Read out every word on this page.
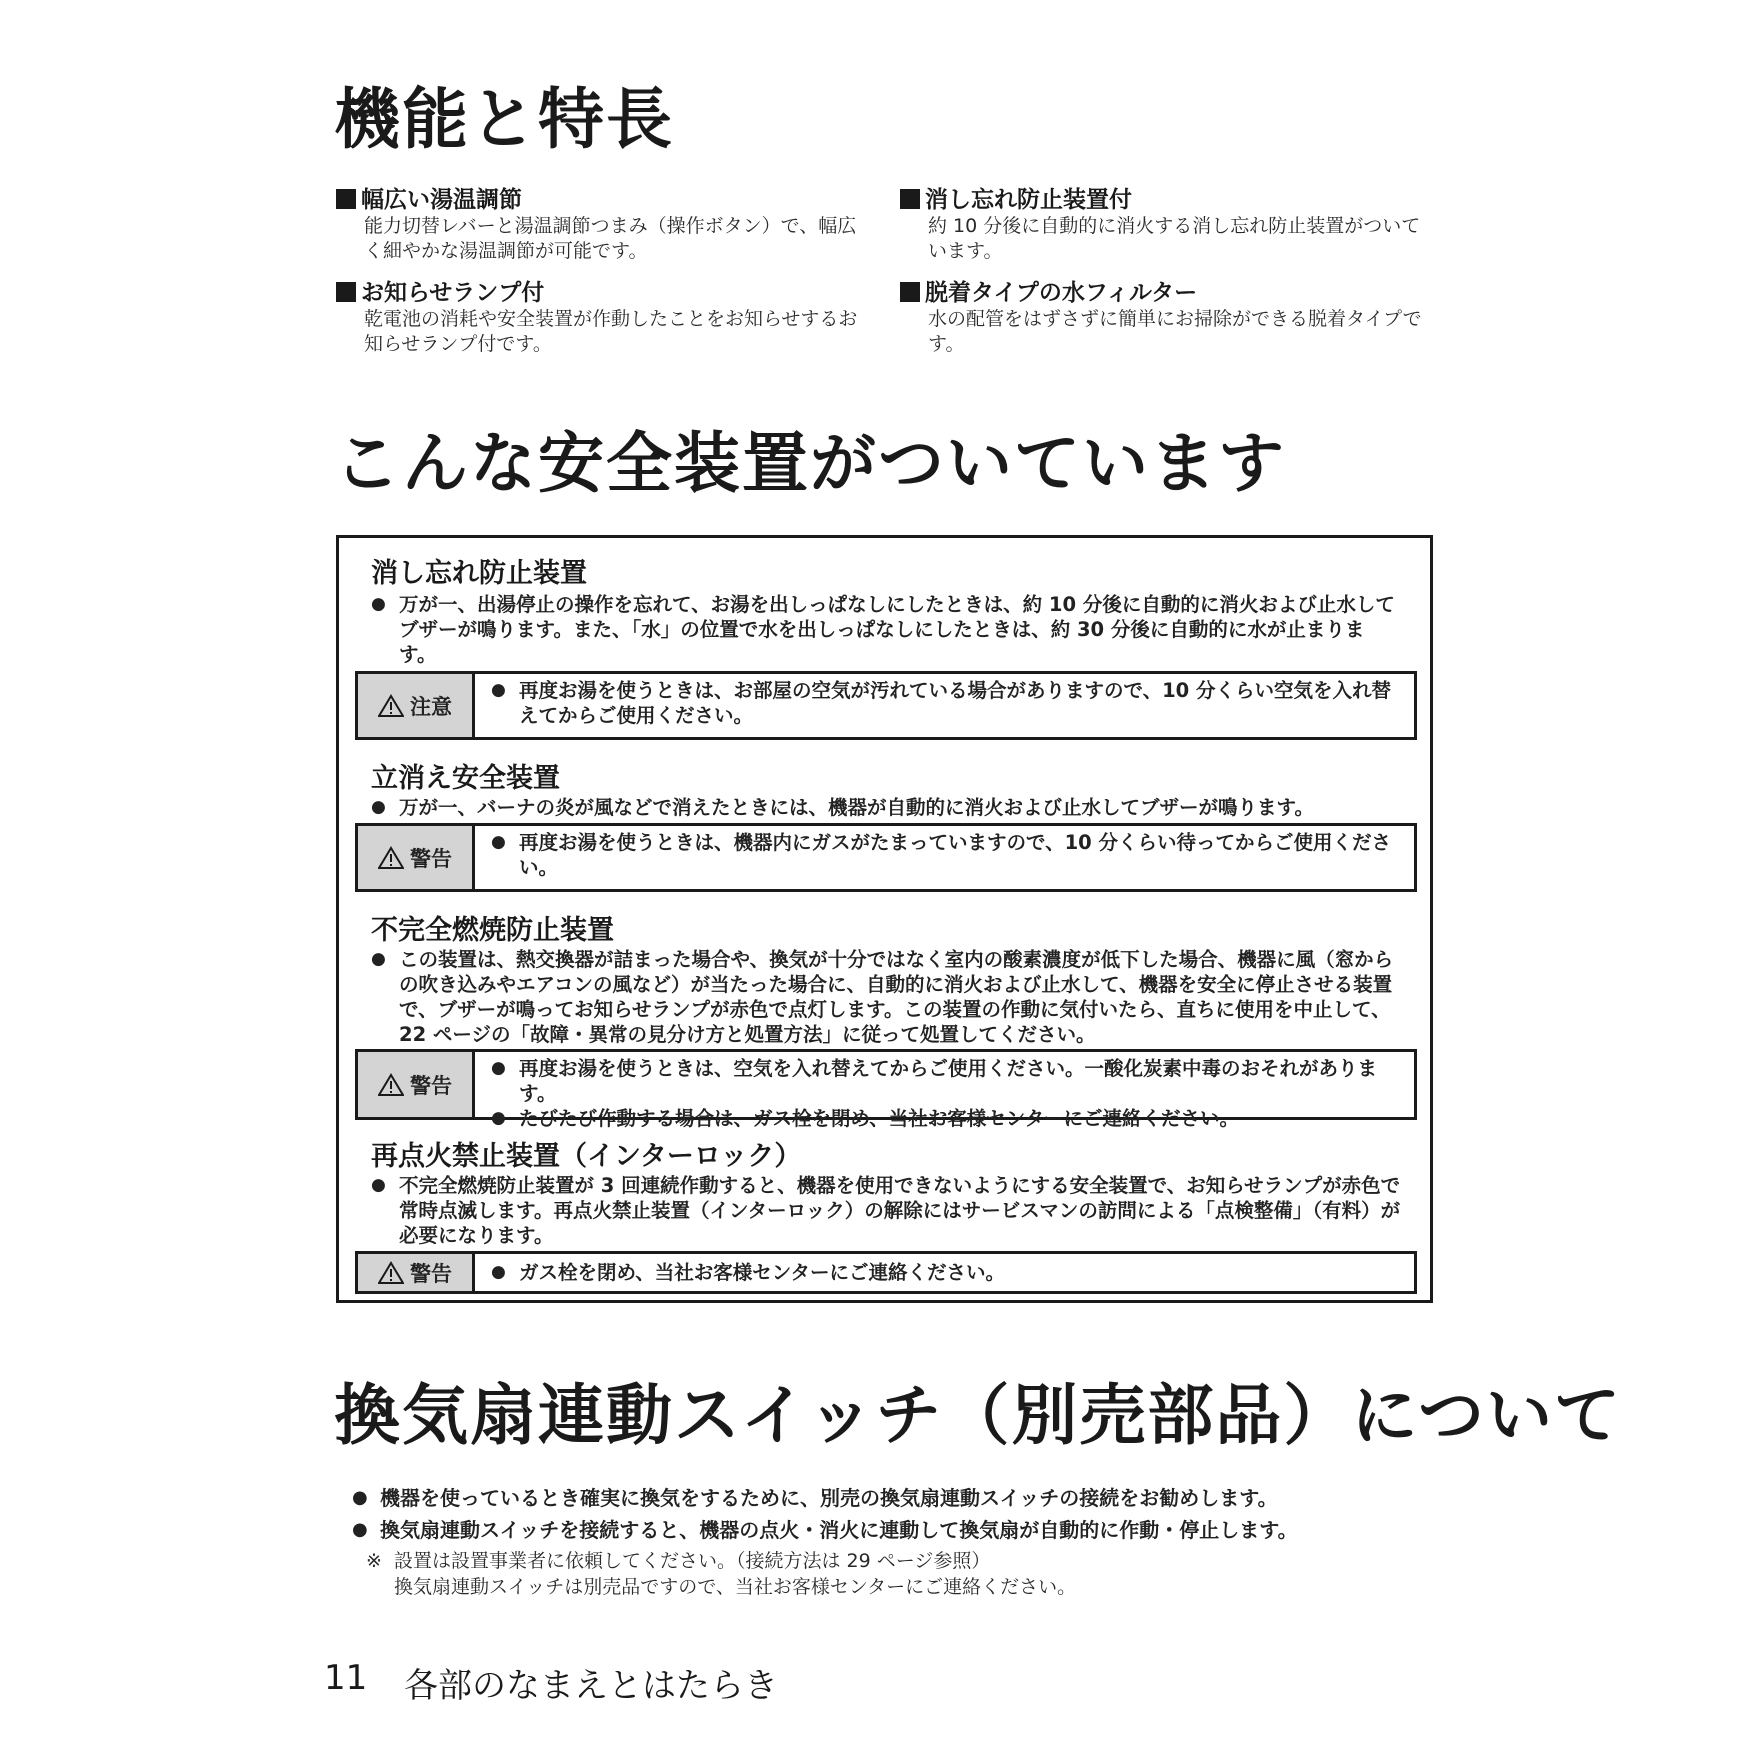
機能と特長
幅広い湯温調節
能力切替レバーと湯温調節つまみ（操作ボタン）で、幅広く細やかな湯温調節が可能です。
消し忘れ防止装置付
約 10 分後に自動的に消火する消し忘れ防止装置がついています。
お知らせランプ付
乾電池の消耗や安全装置が作動したことをお知らせするお知らせランプ付です。
脱着タイプの水フィルター
水の配管をはずさずに簡単にお掃除ができる脱着タイプです。
こんな安全装置がついています
消し忘れ防止装置
● 万が一、出湯停止の操作を忘れて、お湯を出しっぱなしにしたときは、約 10 分後に自動的に消火および止水してブザーが鳴ります。また、「水」の位置で水を出しっぱなしにしたときは、約 30 分後に自動的に水が止まります。
注意
● 再度お湯を使うときは、お部屋の空気が汚れている場合がありますので、10 分くらい空気を入れ替えてからご使用ください。
立消え安全装置
● 万が一、バーナの炎が風などで消えたときには、機器が自動的に消火および止水してブザーが鳴ります。
警告
● 再度お湯を使うときは、機器内にガスがたまっていますので、10 分くらい待ってからご使用ください。
不完全燃焼防止装置
● この装置は、熱交換器が詰まった場合や、換気が十分ではなく室内の酸素濃度が低下した場合、機器に風（窓からの吹き込みやエアコンの風など）が当たった場合に、自動的に消火および止水して、機器を安全に停止させる装置で、ブザーが鳴ってお知らせランプが赤色で点灯します。この装置の作動に気付いたら、直ちに使用を中止して、22 ページの「故障・異常の見分け方と処置方法」に従って処置してください。
警告
● 再度お湯を使うときは、空気を入れ替えてからご使用ください。一酸化炭素中毒のおそれがあります。
● たびたび作動する場合は、ガス栓を閉め、当社お客様センターにご連絡ください。
再点火禁止装置（インターロック）
● 不完全燃焼防止装置が 3 回連続作動すると、機器を使用できないようにする安全装置で、お知らせランプが赤色で常時点滅します。再点火禁止装置（インターロック）の解除にはサービスマンの訪問による「点検整備」（有料）が必要になります。
警告 ● ガス栓を閉め、当社お客様センターにご連絡ください。
換気扇連動スイッチ（別売部品）について
● 機器を使っているとき確実に換気をするために、別売の換気扇連動スイッチの接続をお勧めします。
● 換気扇連動スイッチを接続すると、機器の点火・消火に連動して換気扇が自動的に作動・停止します。
※ 設置は設置事業者に依頼してください。（接続方法は 29 ページ参照）
換気扇連動スイッチは別売品ですので、当社お客様センターにご連絡ください。
11 各部のなまえとはたらき
